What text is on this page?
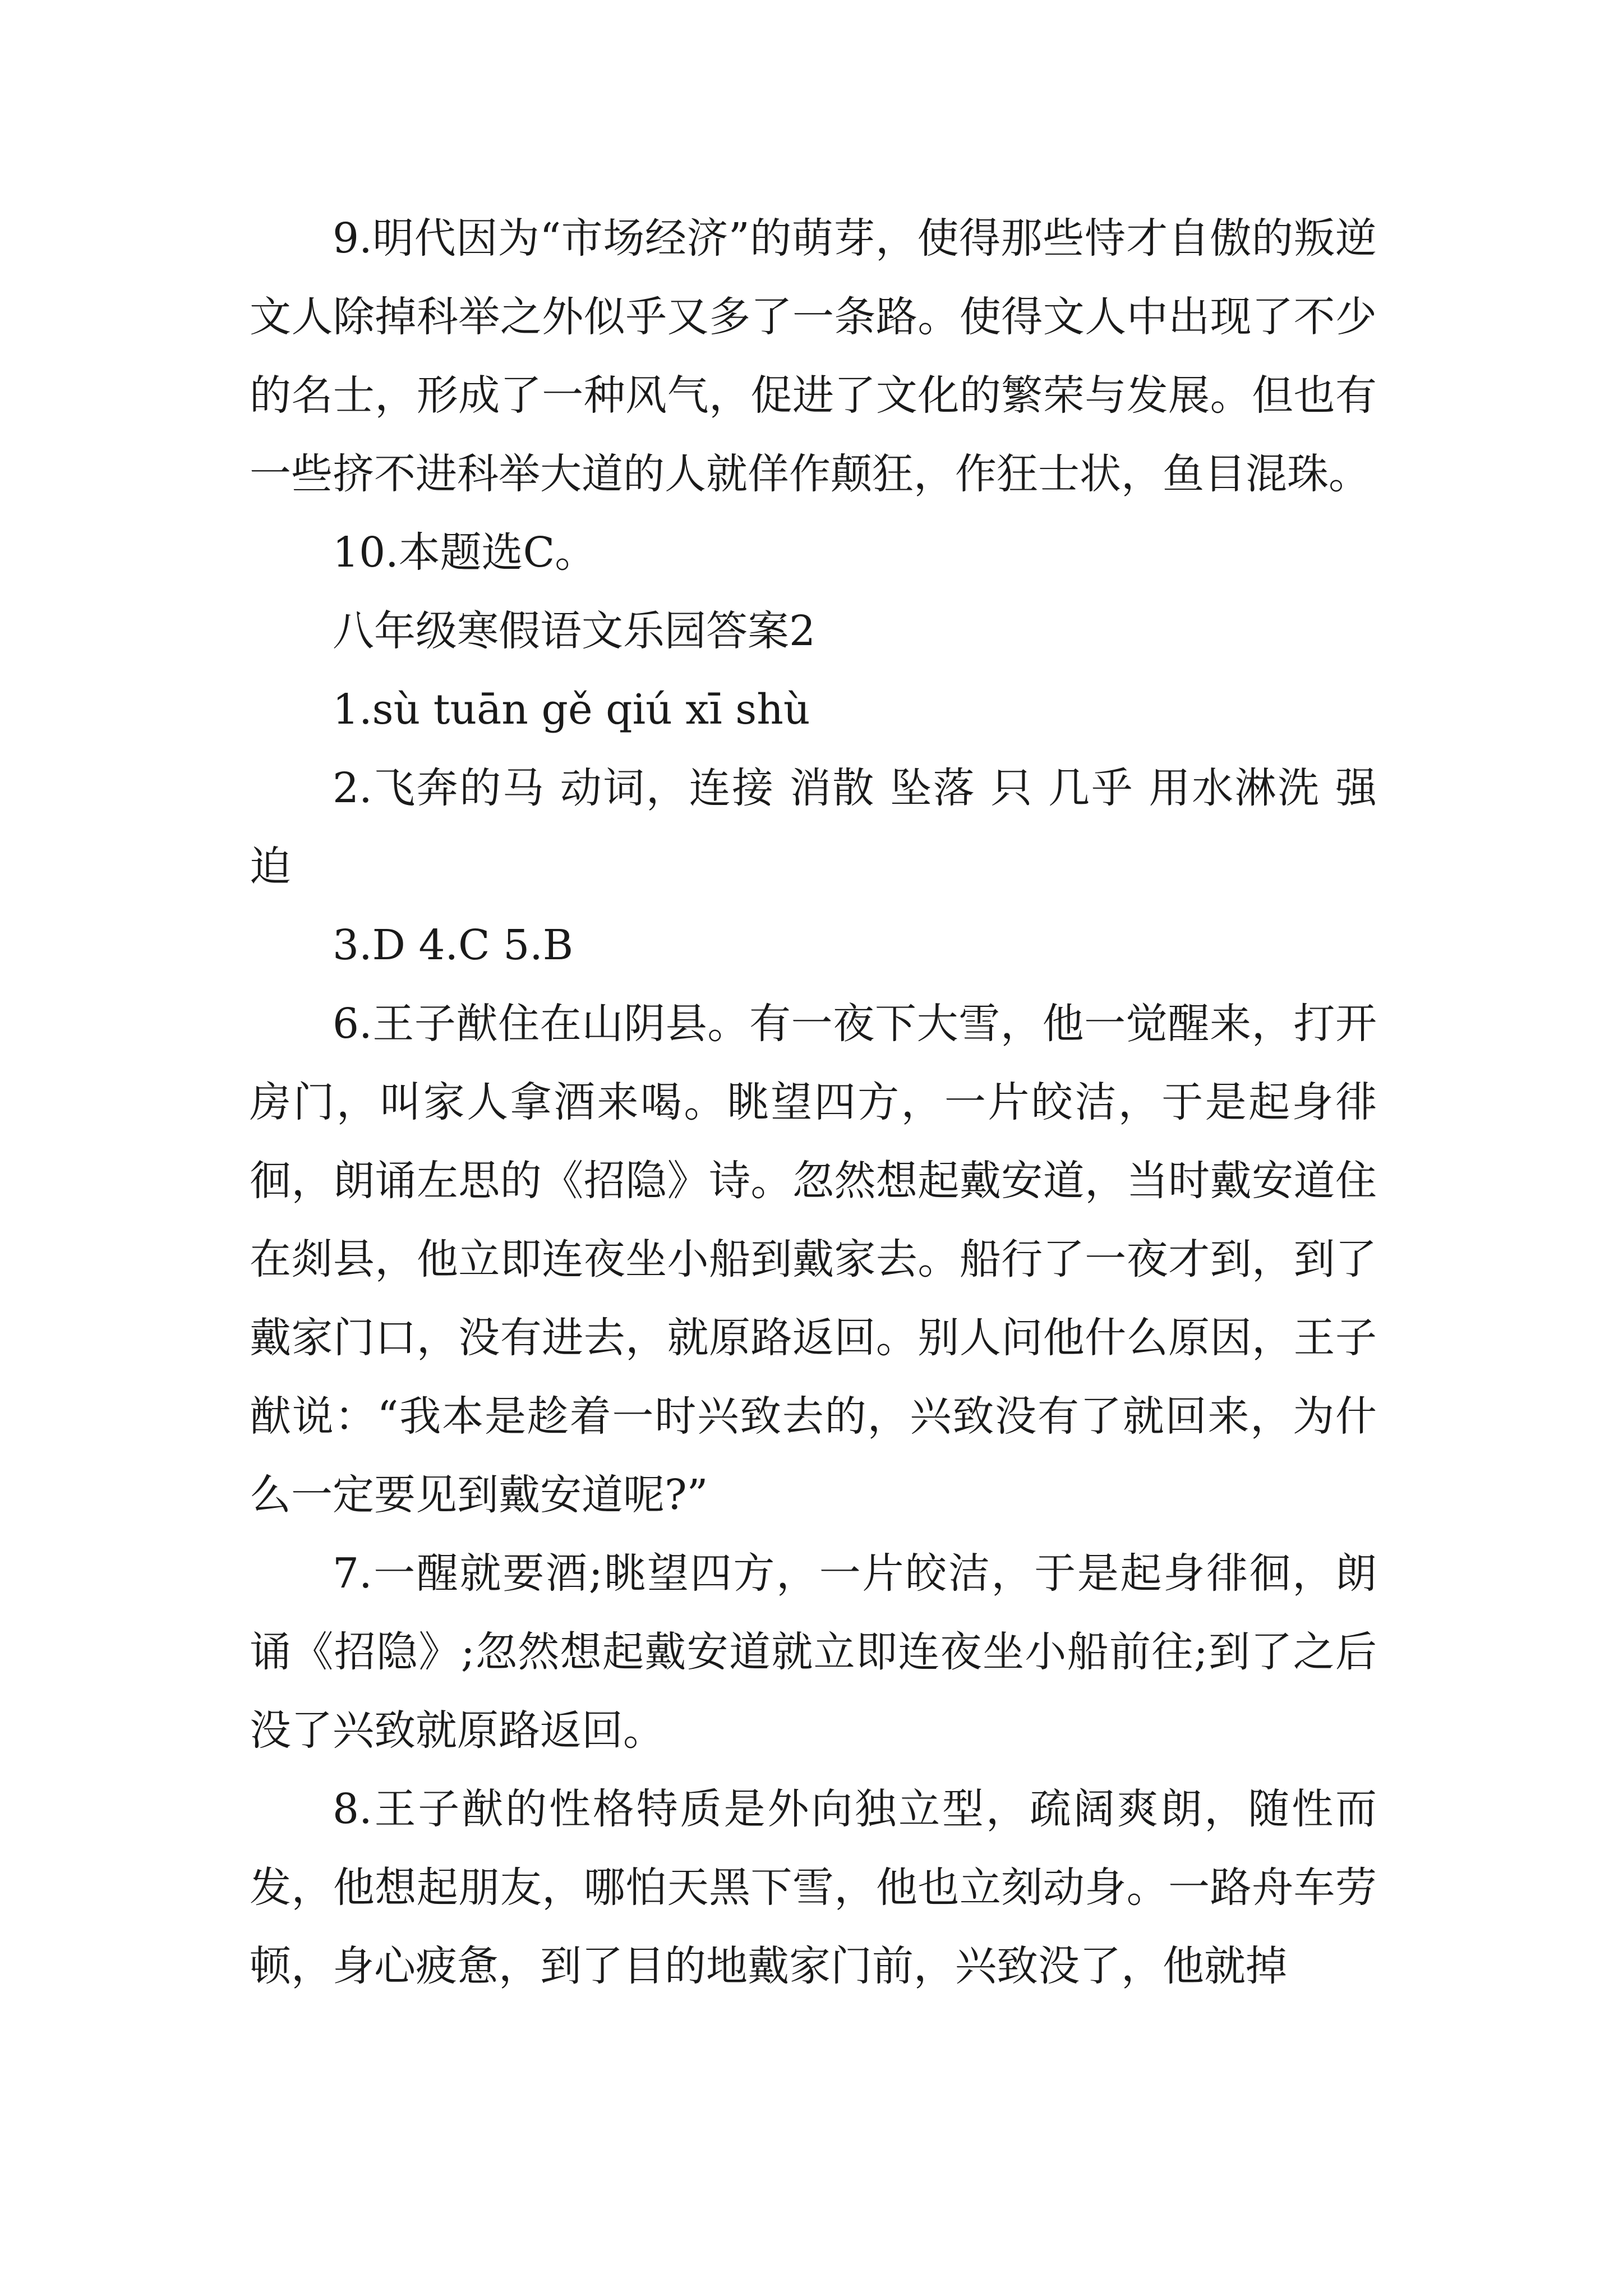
9.明代因为“市场经济”的萌芽，使得那些恃才自傲的叛逆文人除掉科举之外似乎又多了一条路。使得文人中出现了不少的名士，形成了一种风气，促进了文化的繁荣与发展。但也有一些挤不进科举大道的人就佯作颠狂，作狂士状，鱼目混珠。

10.本题选C。

八年级寒假语文乐园答案2

1.sù tuān gě qiú xī shù

2.飞奔的马 动词，连接 消散 坠落 只 几乎 用水淋洗 强迫

3.D 4.C 5.B

6.王子猷住在山阴县。有一夜下大雪，他一觉醒来，打开房门，叫家人拿酒来喝。眺望四方，一片皎洁，于是起身徘徊，朗诵左思的《招隐》诗。忽然想起戴安道，当时戴安道住在剡县，他立即连夜坐小船到戴家去。船行了一夜才到，到了戴家门口，没有进去，就原路返回。别人问他什么原因，王子猷说：“我本是趁着一时兴致去的，兴致没有了就回来，为什么一定要见到戴安道呢?”

7.一醒就要酒;眺望四方，一片皎洁，于是起身徘徊，朗诵《招隐》;忽然想起戴安道就立即连夜坐小船前往;到了之后没了兴致就原路返回。

8.王子猷的性格特质是外向独立型，疏阔爽朗，随性而发，他想起朋友，哪怕天黑下雪，他也立刻动身。一路舟车劳顿，身心疲惫，到了目的地戴家门前，兴致没了，他就掉
